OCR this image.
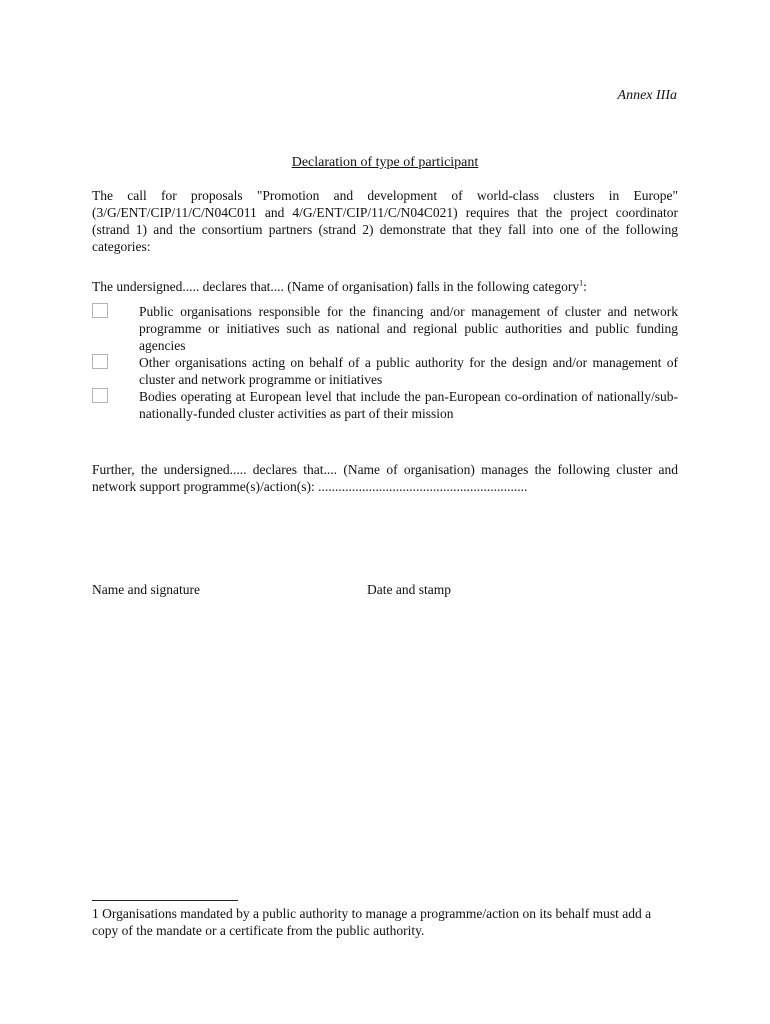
Annex IIIa
Declaration of type of participant
The call for proposals "Promotion and development of world-class clusters in Europe" (3/G/ENT/CIP/11/C/N04C011 and 4/G/ENT/CIP/11/C/N04C021) requires that the project coordinator (strand 1) and the consortium partners (strand 2) demonstrate that they fall into one of the following categories:
The undersigned..... declares that.... (Name of organisation) falls in the following category$^1$:
Public organisations responsible for the financing and/or management of cluster and network programme or initiatives such as national and regional public authorities and public funding agencies
Other organisations acting on behalf of a public authority for the design and/or management of cluster and network programme or initiatives
Bodies operating at European level that include the pan-European co-ordination of nationally/sub-nationally-funded cluster activities as part of their mission
Further, the undersigned..... declares that.... (Name of organisation) manages the following cluster and network support programme(s)/action(s): ..............................................................
Name and signature	Date and stamp
1 Organisations mandated by a public authority to manage a programme/action on its behalf must add a copy of the mandate or a certificate from the public authority.
